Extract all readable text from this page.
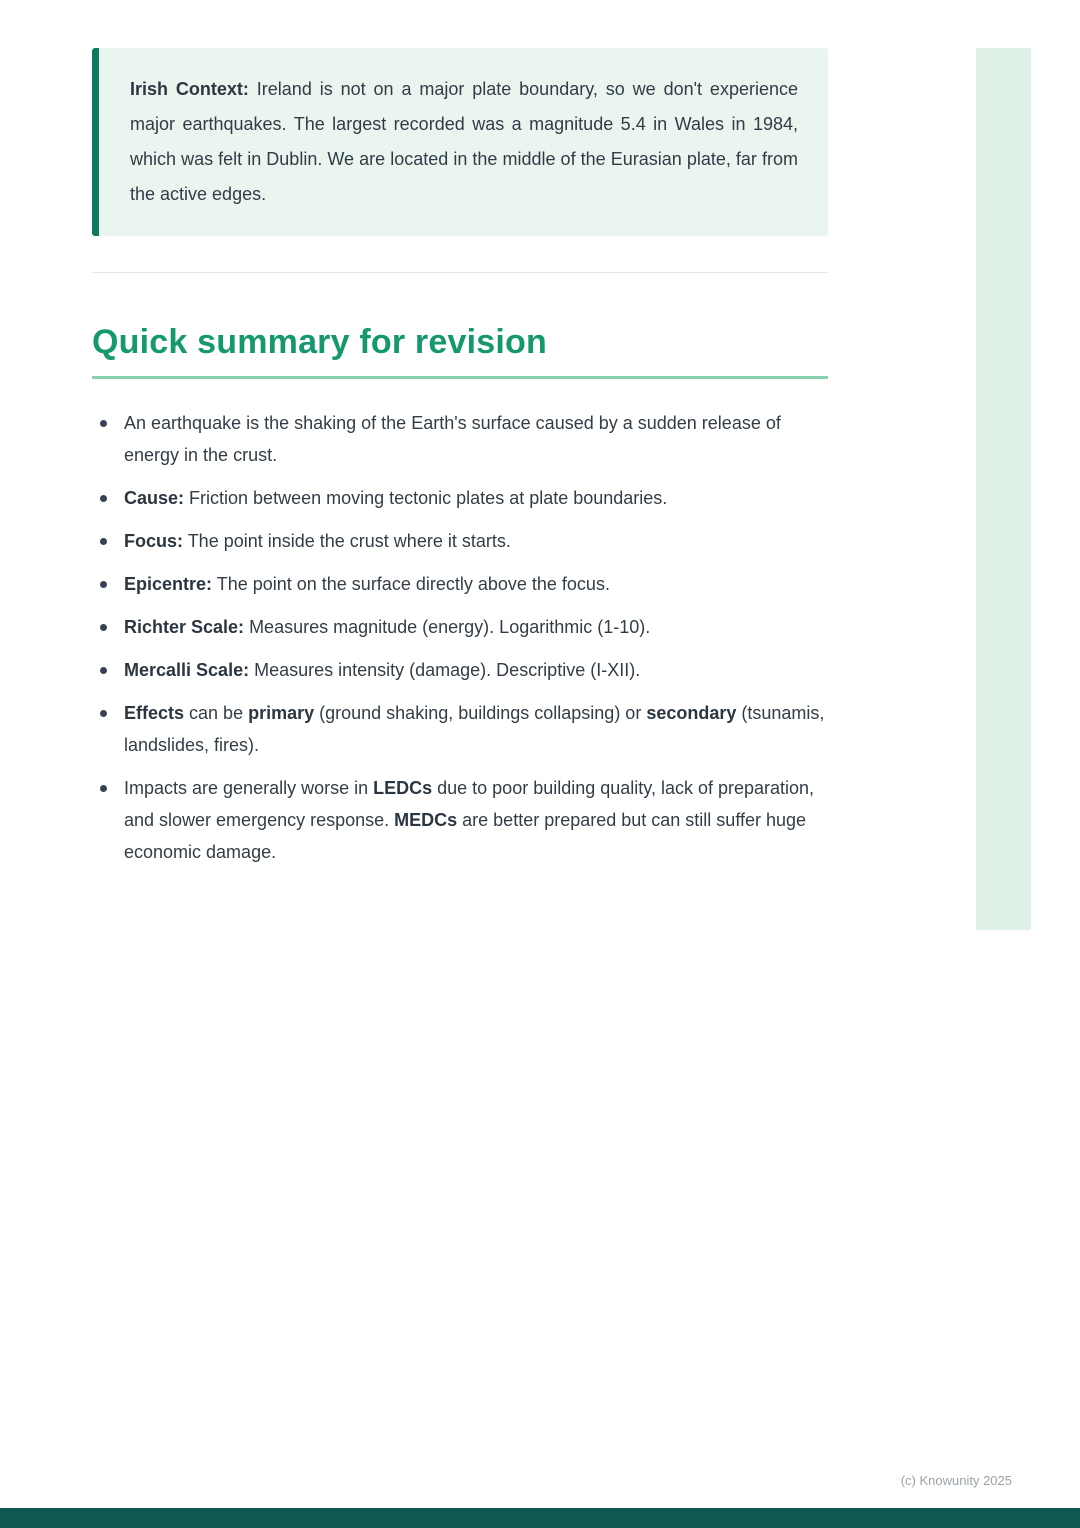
Irish Context: Ireland is not on a major plate boundary, so we don't experience major earthquakes. The largest recorded was a magnitude 5.4 in Wales in 1984, which was felt in Dublin. We are located in the middle of the Eurasian plate, far from the active edges.
Quick summary for revision
An earthquake is the shaking of the Earth's surface caused by a sudden release of energy in the crust.
Cause: Friction between moving tectonic plates at plate boundaries.
Focus: The point inside the crust where it starts.
Epicentre: The point on the surface directly above the focus.
Richter Scale: Measures magnitude (energy). Logarithmic (1-10).
Mercalli Scale: Measures intensity (damage). Descriptive (I-XII).
Effects can be primary (ground shaking, buildings collapsing) or secondary (tsunamis, landslides, fires).
Impacts are generally worse in LEDCs due to poor building quality, lack of preparation, and slower emergency response. MEDCs are better prepared but can still suffer huge economic damage.
(c) Knowunity 2025
